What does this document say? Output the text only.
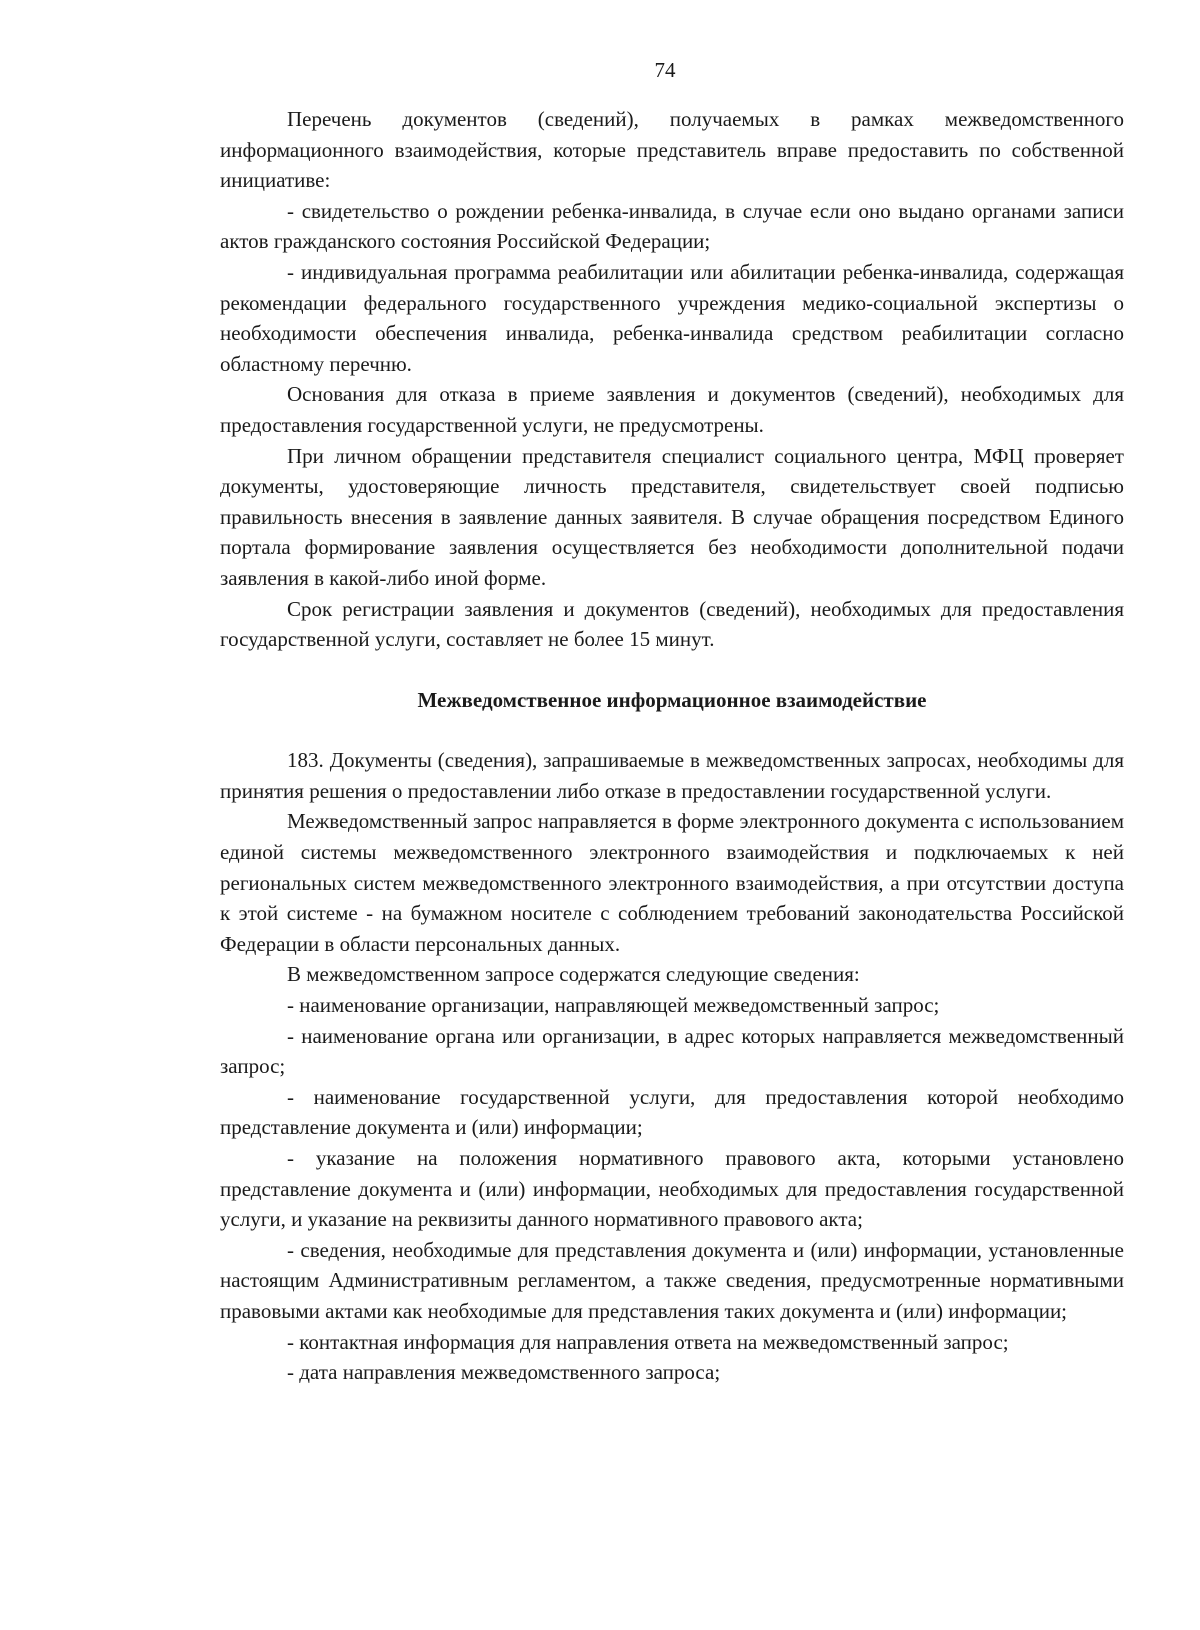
74

Перечень документов (сведений), получаемых в рамках межведомственного информационного взаимодействия, которые представитель вправе предоставить по собственной инициативе:

- свидетельство о рождении ребенка-инвалида, в случае если оно выдано органами записи актов гражданского состояния Российской Федерации;

- индивидуальная программа реабилитации или абилитации ребенка-инвалида, содержащая рекомендации федерального государственного учреждения медико-социальной экспертизы о необходимости обеспечения инвалида, ребенка-инвалида средством реабилитации согласно областному перечню.

Основания для отказа в приеме заявления и документов (сведений), необходимых для предоставления государственной услуги, не предусмотрены.

При личном обращении представителя специалист социального центра, МФЦ проверяет документы, удостоверяющие личность представителя, свидетельствует своей подписью правильность внесения в заявление данных заявителя. В случае обращения посредством Единого портала формирование заявления осуществляется без необходимости дополнительной подачи заявления в какой-либо иной форме.

Срок регистрации заявления и документов (сведений), необходимых для предоставления государственной услуги, составляет не более 15 минут.

Межведомственное информационное взаимодействие

183. Документы (сведения), запрашиваемые в межведомственных запросах, необходимы для принятия решения о предоставлении либо отказе в предоставлении государственной услуги.

Межведомственный запрос направляется в форме электронного документа с использованием единой системы межведомственного электронного взаимодействия и подключаемых к ней региональных систем межведомственного электронного взаимодействия, а при отсутствии доступа к этой системе - на бумажном носителе с соблюдением требований законодательства Российской Федерации в области персональных данных.

В межведомственном запросе содержатся следующие сведения:

- наименование организации, направляющей межведомственный запрос;

- наименование органа или организации, в адрес которых направляется межведомственный запрос;

- наименование государственной услуги, для предоставления которой необходимо представление документа и (или) информации;

- указание на положения нормативного правового акта, которыми установлено представление документа и (или) информации, необходимых для предоставления государственной услуги, и указание на реквизиты данного нормативного правового акта;

- сведения, необходимые для представления документа и (или) информации, установленные настоящим Административным регламентом, а также сведения, предусмотренные нормативными правовыми актами как необходимые для представления таких документа и (или) информации;

- контактная информация для направления ответа на межведомственный запрос;

- дата направления межведомственного запроса;
